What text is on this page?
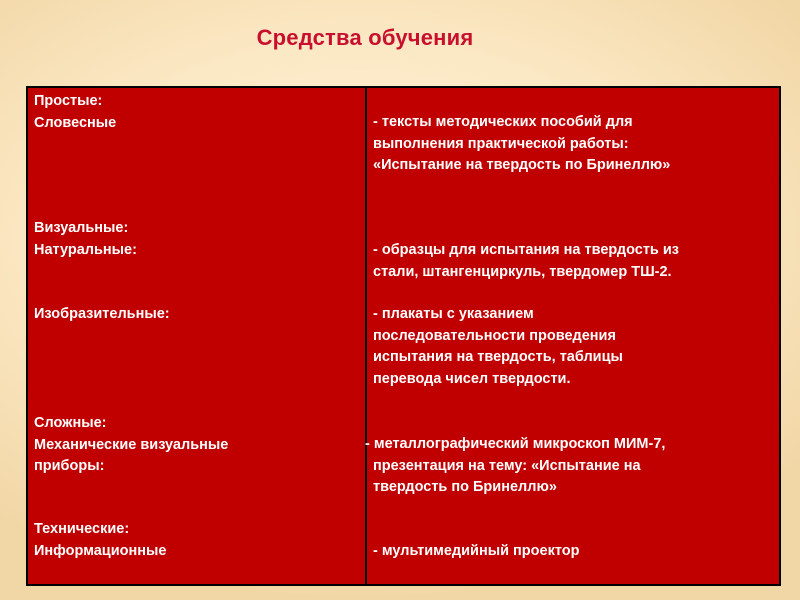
Средства обучения
Простые:
Словесные	- тексты методических пособий для
выполнения практической работы:
«Испытание на твердость по Бринеллю»
Визуальные:
Натуральные:	- образцы для испытания на твердость из
стали, штангенциркуль, твердомер ТШ-2.
Изобразительные:	- плакаты с указанием
последовательности проведения
испытания на твердость, таблицы
перевода чисел твердости.
Сложные:
Механические визуальные
приборы:
- металлографический микроскоп МИМ-7,
презентация на тему: «Испытание на
твердость по Бринеллю»
Технические:
Информационные	- мультимедийный проектор
